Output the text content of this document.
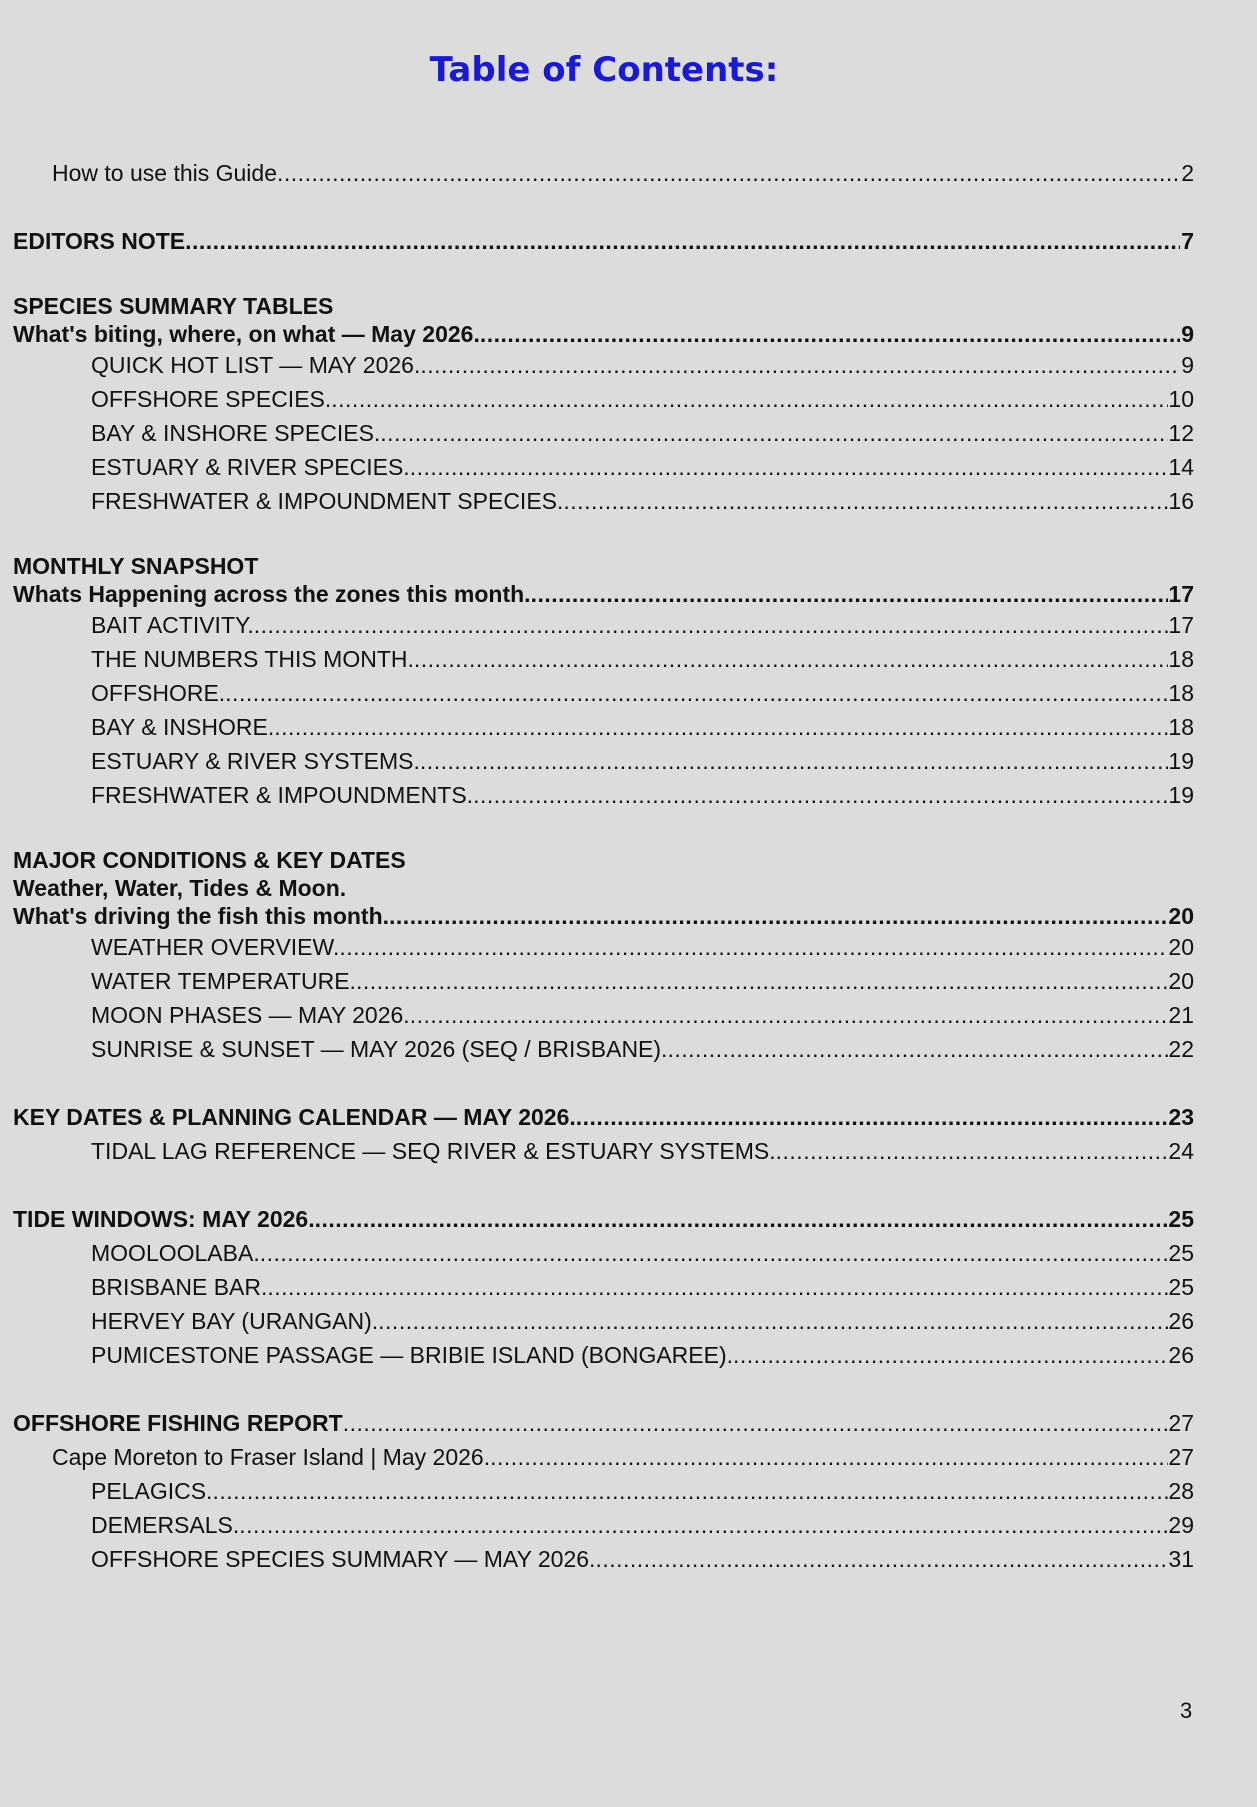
Table of Contents:
How to use this Guide .....	2
EDITORS NOTE .....	7
SPECIES SUMMARY TABLES
What's biting, where, on what — May 2026. .....	9
QUICK HOT LIST — MAY 2026. .....	9
OFFSHORE SPECIES. .....	10
BAY & INSHORE SPECIES. .....	12
ESTUARY & RIVER SPECIES. .....	14
FRESHWATER & IMPOUNDMENT SPECIES. .....	16
MONTHLY SNAPSHOT
Whats Happening across the zones this month. .....	17
BAIT ACTIVITY. .....	17
THE NUMBERS THIS MONTH. .....	18
OFFSHORE. .....	18
BAY & INSHORE. .....	18
ESTUARY & RIVER SYSTEMS. .....	19
FRESHWATER & IMPOUNDMENTS. .....	19
MAJOR CONDITIONS & KEY DATES
Weather, Water, Tides & Moon.
What's driving the fish this month. .....	20
WEATHER OVERVIEW. .....	20
WATER TEMPERATURE. .....	20
MOON PHASES — MAY 2026. .....	21
SUNRISE & SUNSET — MAY 2026 (SEQ / BRISBANE). .....	22
KEY DATES & PLANNING CALENDAR — MAY 2026. .....	23
TIDAL LAG REFERENCE — SEQ RIVER & ESTUARY SYSTEMS. .....	24
TIDE WINDOWS: MAY 2026. .....	25
MOOLOOLABA. .....	25
BRISBANE BAR. .....	25
HERVEY BAY (URANGAN). .....	26
PUMICESTONE PASSAGE — BRIBIE ISLAND (BONGAREE). .....	26
OFFSHORE FISHING REPORT .....	27
Cape Moreton to Fraser Island | May 2026. .....	27
PELAGICS. .....	28
DEMERSALS. .....	29
OFFSHORE SPECIES SUMMARY — MAY 2026. .....	31
3
